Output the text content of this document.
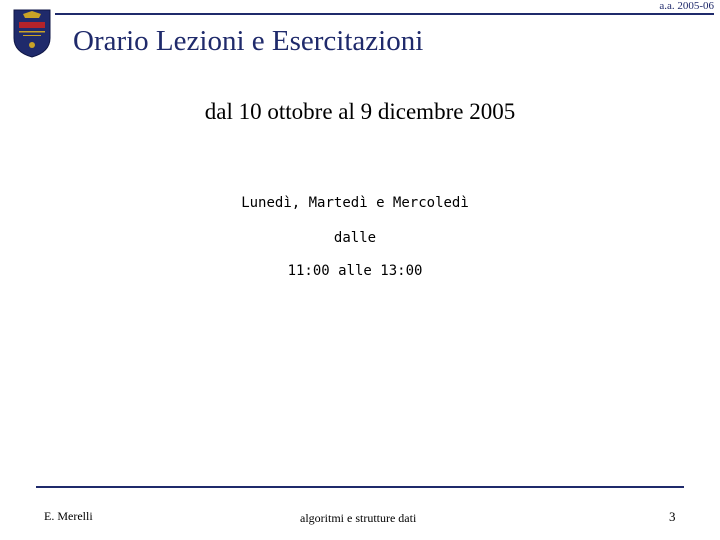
a.a. 2005-06
Orario Lezioni e Esercitazioni
dal 10 ottobre al 9 dicembre 2005
Lunedì, Martedì e Mercoledì
dalle
11:00 alle 13:00
E. Merelli	algoritmi e strutture dati	3
